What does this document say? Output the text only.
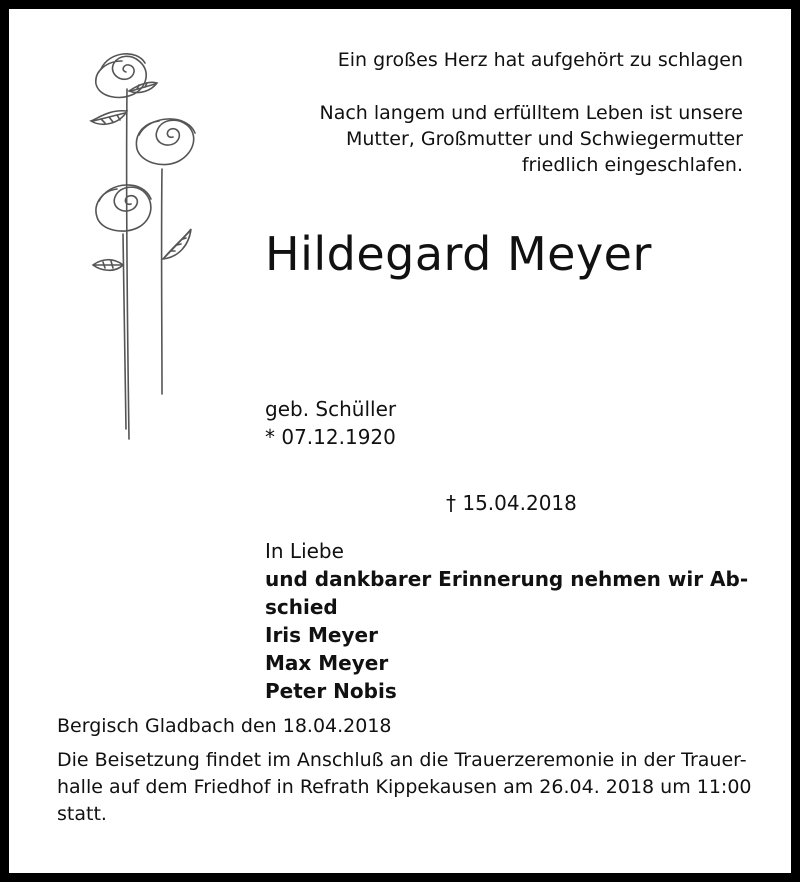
Ein großes Herz hat aufgehört zu schlagen

Nach langem und erfülltem Leben ist unsere

Mutter, Großmutter und Schwiegermutter

friedlich eingeschlafen.

Hildegard Meyer
geb. Schüller
* 07.12.1920
† 15.04.2018
In Liebe
und dankbarer Erinnerung nehmen wir Ab-
schied
Iris Meyer
Max Meyer
Peter Nobis
Bergisch Gladbach den 18.04.2018
Die Beisetzung findet im Anschluß an die Trauerzeremonie in der Trauer-
halle auf dem Friedhof in Refrath Kippekausen am 26.04. 2018 um 11:00
statt.
